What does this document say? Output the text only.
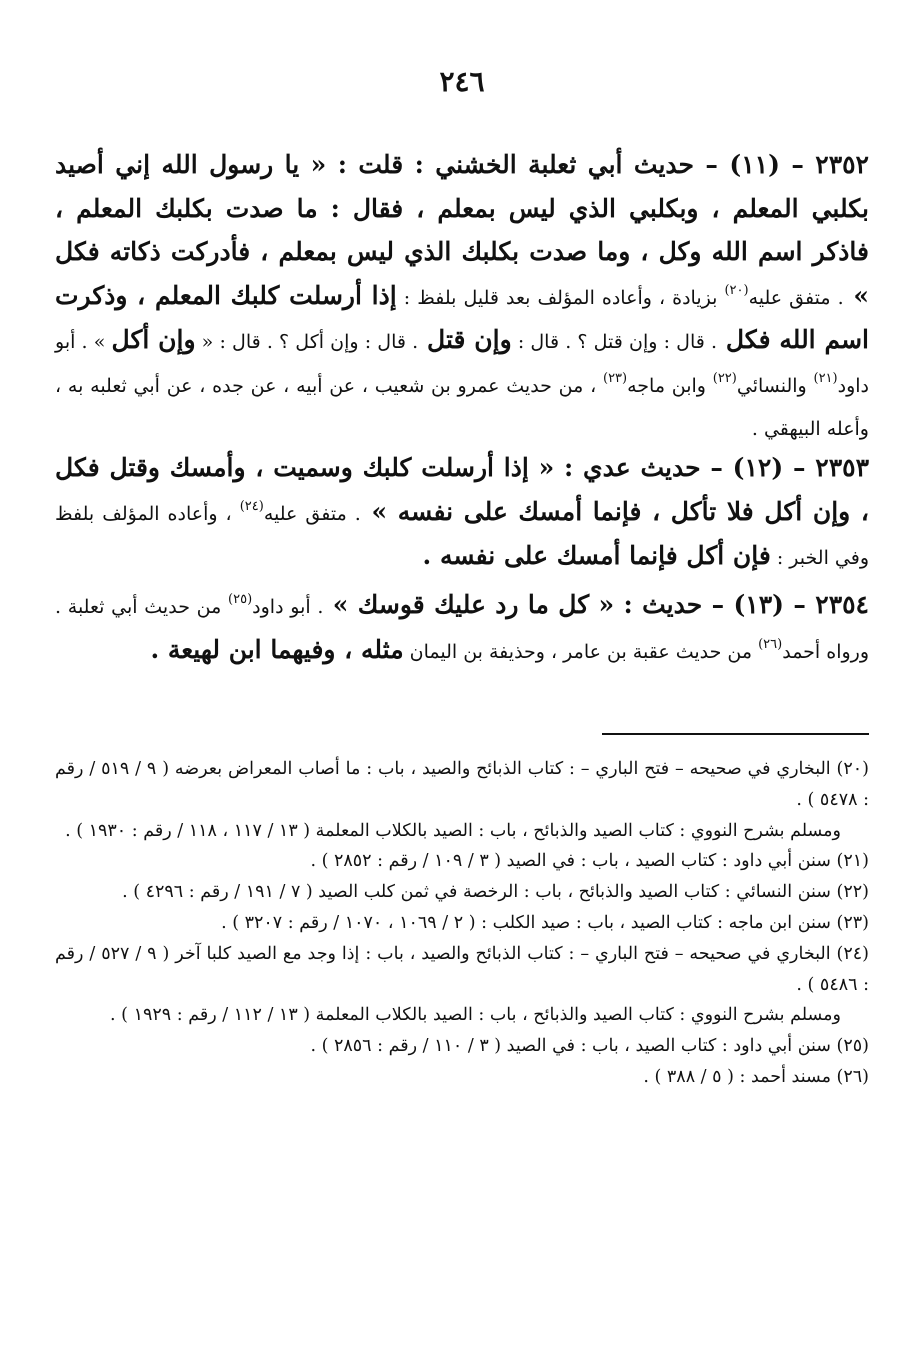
٢٤٦

٢٣٥٢ – (١١) – حديث أبي ثعلبة الخشني : قلت : « يا رسول الله إني أصيد بكلبي المعلم ، وبكلبي الذي ليس بمعلم ، فقال : ما صدت بكلبك المعلم ، فاذكر اسم الله وكل ، وما صدت بكلبك الذي ليس بمعلم ، فأدركت ذكاته فكل » . متفق عليه$^{(٢٠)}$ بزيادة ، وأعاده المؤلف بعد قليل بلفظ : إذا أرسلت كلبك المعلم ، وذكرت اسم الله فكل . قال : وإن قتل ؟ . قال : وإن قتل . قال : وإن أكل ؟ . قال : « وإن أكل » . أبو داود$^{(٢١)}$ والنسائي$^{(٢٢)}$ وابن ماجه$^{(٢٣)}$ ، من حديث عمرو بن شعيب ، عن أبيه ، عن جده ، عن أبي ثعلبه به ، وأعله البيهقي .

٢٣٥٣ – (١٢) – حديث عدي : « إذا أرسلت كلبك وسميت ، وأمسك وقتل فكل ، وإن أكل فلا تأكل ، فإنما أمسك على نفسه » . متفق عليه$^{(٢٤)}$ ، وأعاده المؤلف بلفظ وفي الخبر : فإن أكل فإنما أمسك على نفسه .

٢٣٥٤ – (١٣) – حديث : « كل ما رد عليك قوسك » . أبو داود$^{(٢٥)}$ من حديث أبي ثعلبة . ورواه أحمد$^{(٢٦)}$ من حديث عقبة بن عامر ، وحذيفة بن اليمان مثله ، وفيهما ابن لهيعة .

(٢٠) البخاري في صحيحه – فتح الباري – : كتاب الذبائح والصيد ، باب : ما أصاب المعراض بعرضه ( ٩ / ٥١٩ / رقم : ٥٤٧٨ ) .

ومسلم بشرح النووي : كتاب الصيد والذبائح ، باب : الصيد بالكلاب المعلمة ( ١٣ / ١١٧ ، ١١٨ / رقم : ١٩٣٠ ) .

(٢١) سنن أبي داود : كتاب الصيد ، باب : في الصيد ( ٣ / ١٠٩ / رقم : ٢٨٥٢ ) .

(٢٢) سنن النسائي : كتاب الصيد والذبائح ، باب : الرخصة في ثمن كلب الصيد ( ٧ / ١٩١ / رقم : ٤٢٩٦ ) .

(٢٣) سنن ابن ماجه : كتاب الصيد ، باب : صيد الكلب : ( ٢ / ١٠٦٩ ، ١٠٧٠ / رقم : ٣٢٠٧ ) .

(٢٤) البخاري في صحيحه – فتح الباري – : كتاب الذبائح والصيد ، باب : إذا وجد مع الصيد كلبا آخر ( ٩ / ٥٢٧ / رقم : ٥٤٨٦ ) .

ومسلم بشرح النووي : كتاب الصيد والذبائح ، باب : الصيد بالكلاب المعلمة ( ١٣ / ١١٢ / رقم : ١٩٢٩ ) .

(٢٥) سنن أبي داود : كتاب الصيد ، باب : في الصيد ( ٣ / ١١٠ / رقم : ٢٨٥٦ ) .

(٢٦) مسند أحمد : ( ٥ / ٣٨٨ ) .
